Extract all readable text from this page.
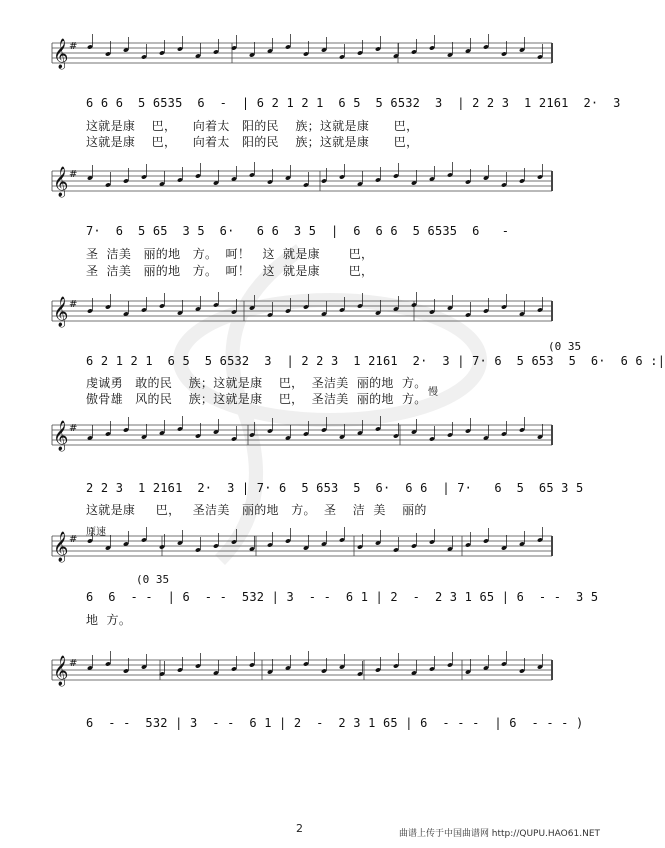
𝄞 #
𝄞 #
𝄞 #
𝄞 #
𝄞 #
𝄞 #
慢
原速
6 6 6  5 6535  6  -  | 6 2 1 2 1  6 5  5 6532  3  | 2 2 3  1 2161  2·  3
这就是康    巴，    向着太   阳的民    族；这就是康      巴，
这就是康    巴，    向着太   阳的民    族；这就是康      巴，
7·  6  5 65  3 5  6·   6 6  3 5  |  6  6 6  5 6535  6   -
圣  洁美   丽的地   方。  呵！   这  就是康       巴，
圣  洁美   丽的地   方。  呵！   这  就是康       巴，
(0 35
6 2 1 2 1  6 5  5 6532  3  | 2 2 3  1 2161  2·  3 | 7· 6  5 653  5  6·  6 6 :|
虔诚勇   敢的民    族；这就是康    巴，  圣洁美  丽的地  方。
傲骨雄   风的民    族；这就是康    巴，  圣洁美  丽的地  方。
2 2 3  1 2161  2·  3 | 7· 6  5 653  5  6·  6 6  | 7·   6  5  65 3 5
这就是康     巴，   圣洁美   丽的地   方。  圣    洁  美    丽的
(0 35
6  6  - -  | 6  - -  532 | 3  - -  6 1 | 2  -  2 3 1 65 | 6  - -  3 5
地  方。
6  - -  532 | 3  - -  6 1 | 2  -  2 3 1 65 | 6  - - -  | 6  - - - )
2	曲谱上传于中国曲谱网 http://QUPU.HAO61.NET
